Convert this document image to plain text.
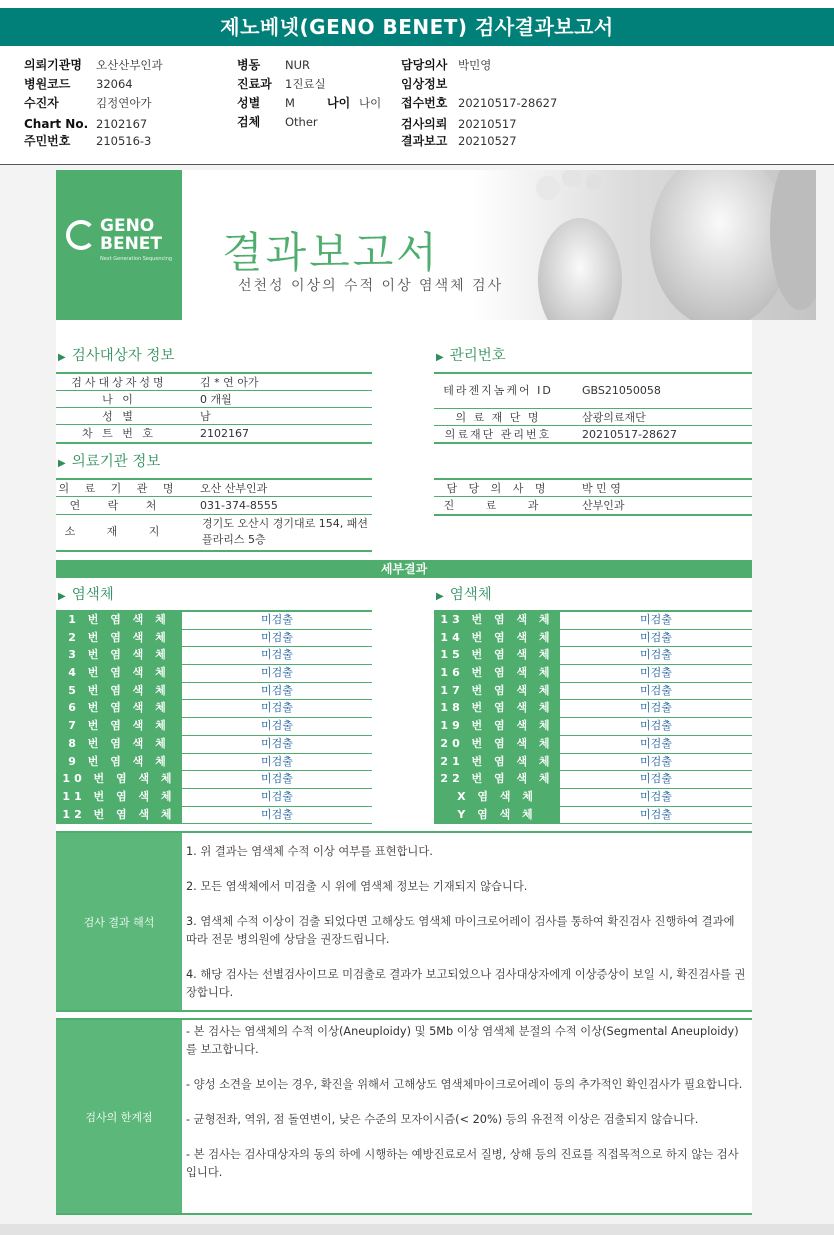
제노베넷(GENO BENET) 검사결과보고서
의뢰기관명 오산산부인과
병원코드 32064
수진자	김정연아가
Chart No. 2102167
주민번호 210516-3
병동 NUR
진료과 1진료실
성별 M
검체 Other
나이 나이
담당의사 박민영
임상정보
접수번호 20210517-28627
검사의뢰 20210517
결과보고 20210527
GENO
BENET
Next Generation Sequencing 결과보고서
선천성 이상의 수적 이상 염색체 검사
▶ 검사대상자 정보
검사대상자성명	김 * 연 아가
나 이	0 개월
성 별	남
차 트 번 호	2102167
▶ 관리번호
테라젠지놈케어 ID	GBS21050058
의 료 재 단 명	삼광의료재단
의료재단 관리번호	20210517-28627
▶ 의료기관 정보
의 료 기 관 명	오산 산부인과
연 락 처	031-374-8555
소 재 지
경기도 오산시 경기대로 154, 패션플라리스 5층
담 당 의 사 명	박 민 영
진 료 과	산부인과
세부결과
▶ 염색체	▶ 염색체
1 번 염 색 체	미검출
2 번 염 색 체	미검출
3 번 염 색 체	미검출
4 번 염 색 체	미검출
5 번 염 색 체	미검출
6 번 염 색 체	미검출
7 번 염 색 체	미검출
8 번 염 색 체	미검출
9 번 염 색 체	미검출
10 번 염 색 체	미검출
11 번 염 색 체	미검출
12 번 염 색 체	미검출
13 번 염 색 체	미검출
14 번 염 색 체	미검출
15 번 염 색 체	미검출
16 번 염 색 체	미검출
17 번 염 색 체	미검출
18 번 염 색 체	미검출
19 번 염 색 체	미검출
20 번 염 색 체	미검출
21 번 염 색 체	미검출
22 번 염 색 체	미검출
X 염 색 체	미검출
Y 염 색 체	미검출
검사 결과 해석

1. 위 결과는 염색체 수적 이상 여부를 표현합니다.

2. 모든 염색체에서 미검출 시 위에 염색체 정보는 기재되지 않습니다.

3. 염색체 수적 이상이 검출 되었다면 고해상도 염색체 마이크로어레이 검사를 통하여 확진검사 진행하여 결과에 따라 전문 병의원에 상담을 권장드립니다.

4. 해당 검사는 선별검사이므로 미검출로 결과가 보고되었으나 검사대상자에게 이상증상이 보일 시, 확진검사를 권장합니다.

검사의 한계점

- 본 검사는 염색체의 수적 이상(Aneuploidy) 및 5Mb 이상 염색체 분절의 수적 이상(Segmental Aneuploidy)를 보고합니다.

- 양성 소견을 보이는 경우, 확진을 위해서 고해상도 염색체마이크로어레이 등의 추가적인 확인검사가 필요합니다.

- 균형전좌, 역위, 점 돌연변이, 낮은 수준의 모자이시즘(< 20%) 등의 유전적 이상은 검출되지 않습니다.

- 본 검사는 검사대상자의 동의 하에 시행하는 예방진료로서 질병, 상해 등의 진료를 직접목적으로 하지 않는 검사입니다.
